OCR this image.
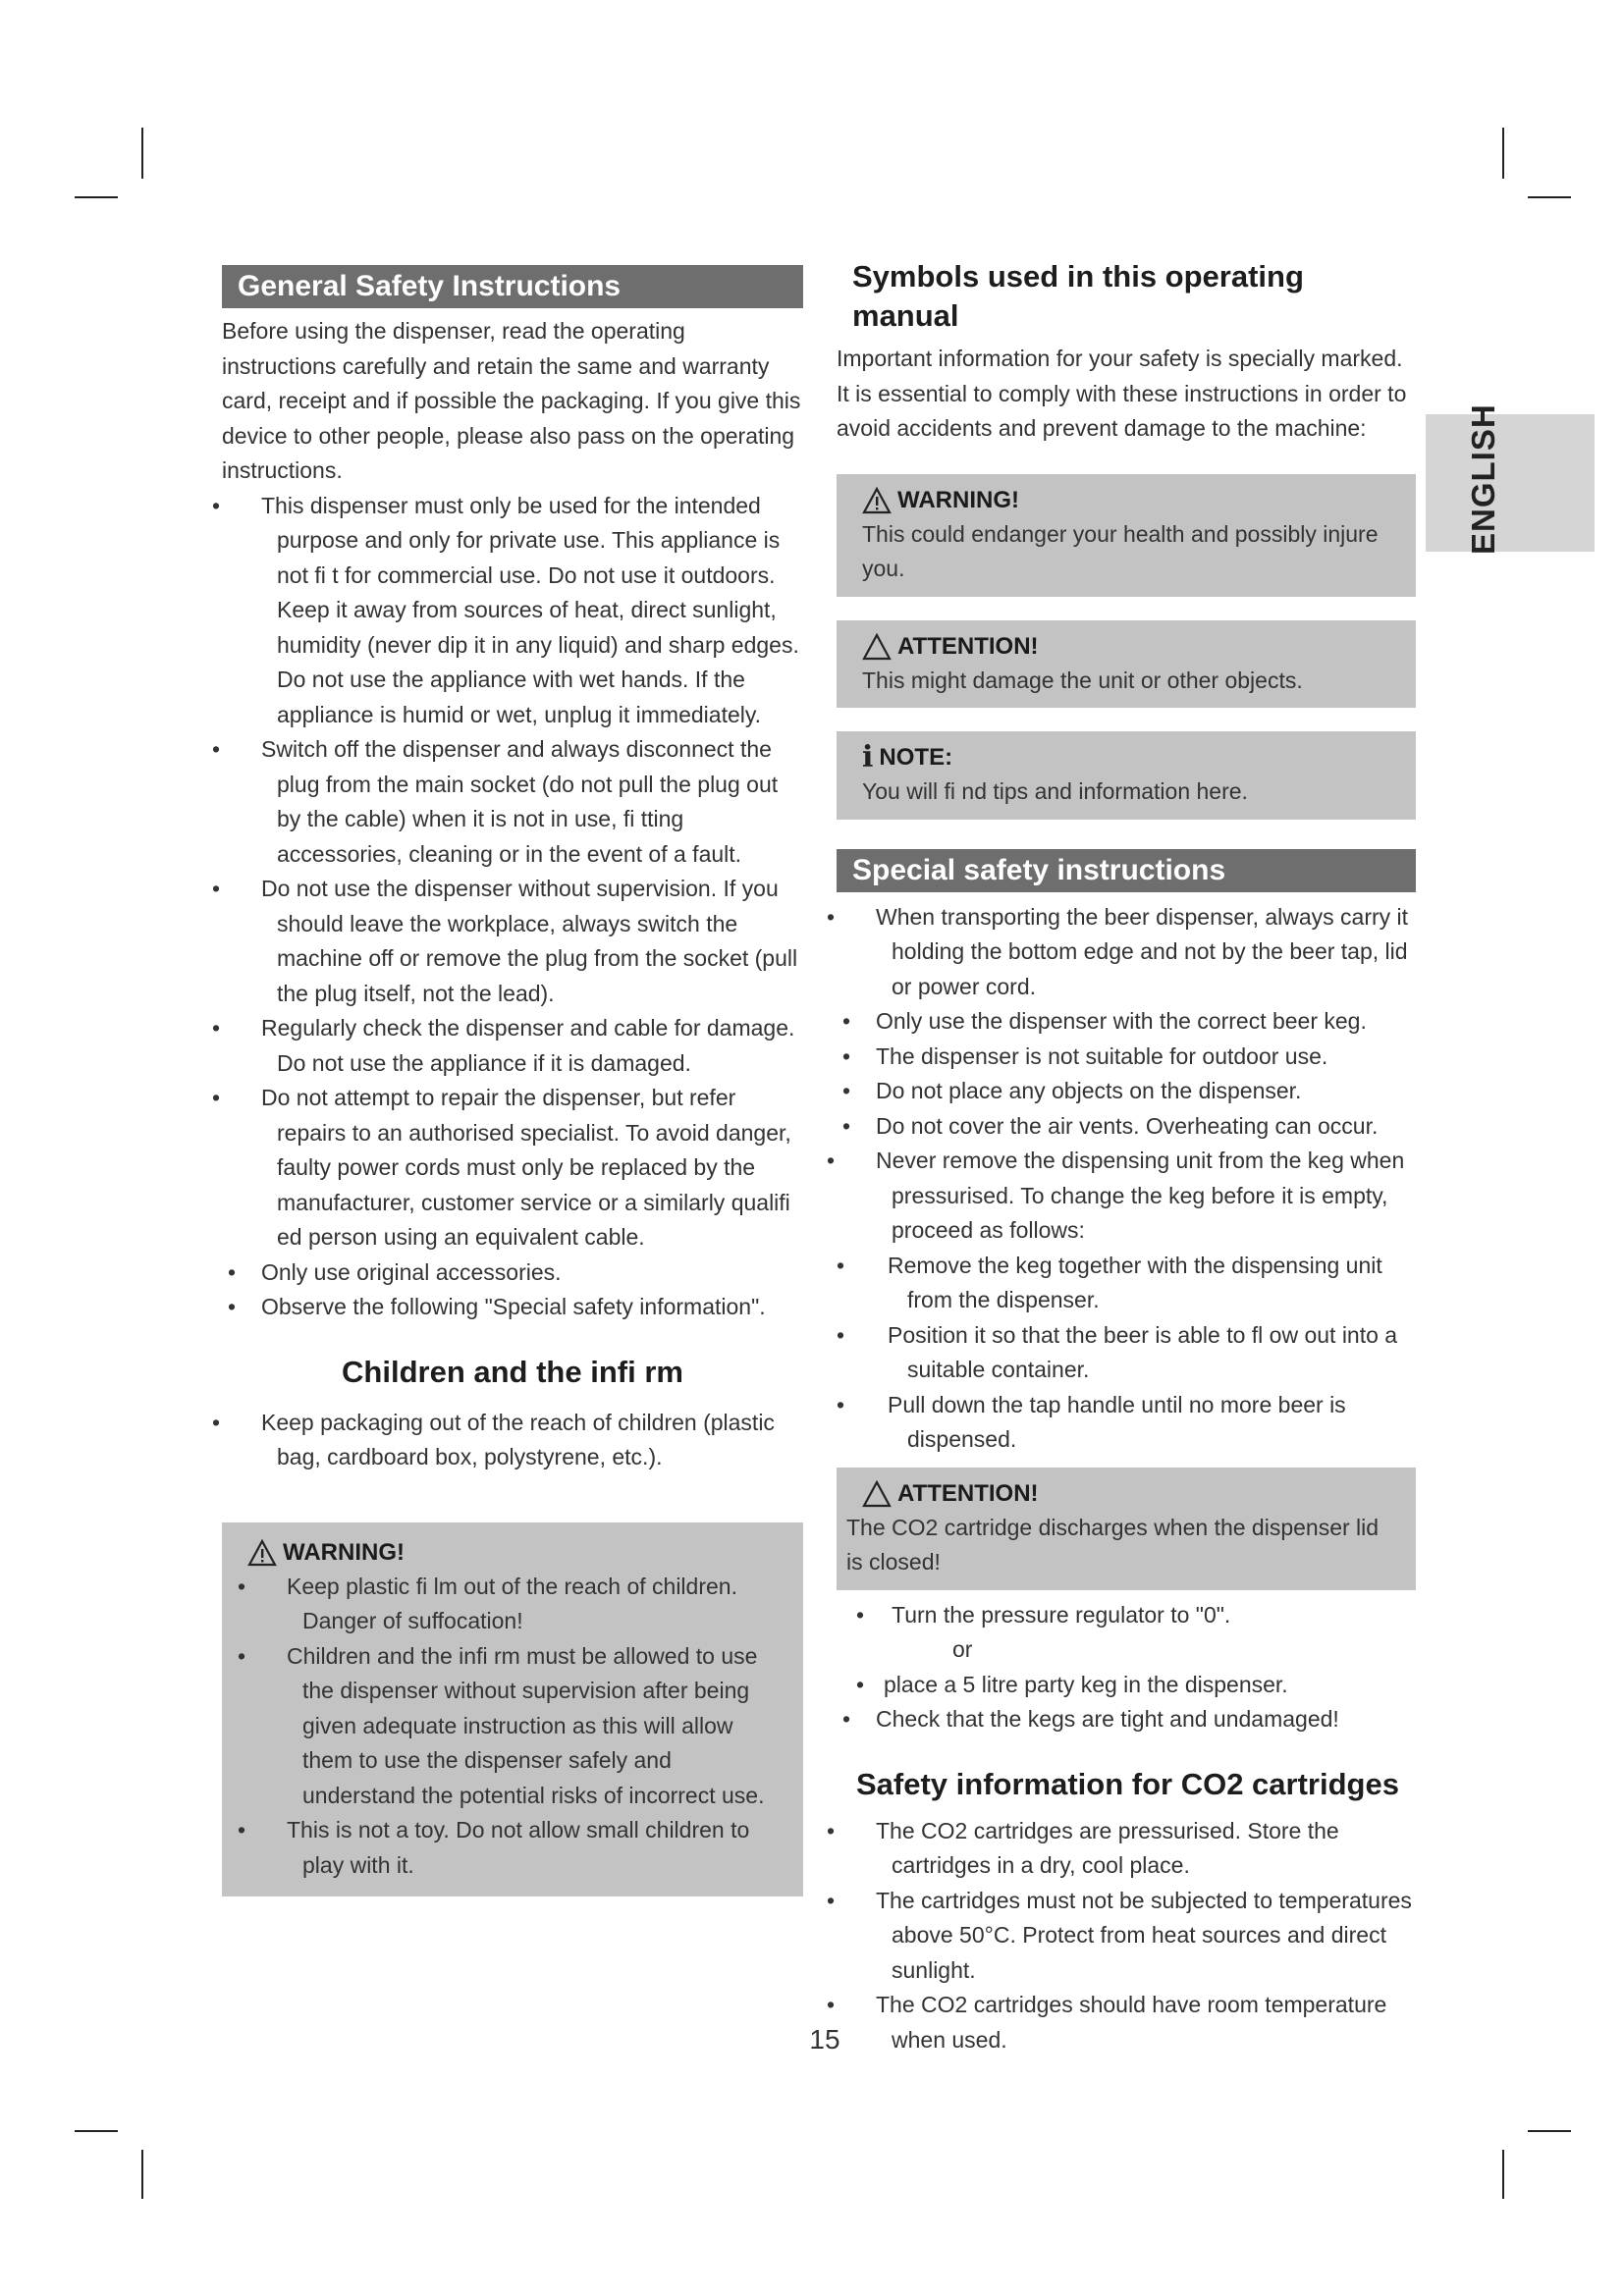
ENGLISH
General Safety Instructions

Before using the dispenser, read the operating instructions carefully and retain the same and warranty card, receipt and if possible the packaging. If you give this device to other people, please also pass on the operating instructions.

• This dispenser must only be used for the intended purpose and only for private use. This appliance is not fi t for commercial use. Do not use it outdoors. Keep it away from sources of heat, direct sunlight, humidity (never dip it in any liquid) and sharp edges. Do not use the appliance with wet hands. If the appliance is humid or wet, unplug it immediately.
• Switch off the dispenser and always disconnect the plug from the main socket (do not pull the plug out by the cable) when it is not in use, fi tting accessories, cleaning or in the event of a fault.
• Do not use the dispenser without supervision. If you should leave the workplace, always switch the machine off or remove the plug from the socket (pull the plug itself, not the lead).
• Regularly check the dispenser and cable for damage. Do not use the appliance if it is damaged.
• Do not attempt to repair the dispenser, but refer repairs to an authorised specialist. To avoid danger, faulty power cords must only be replaced by the manufacturer, customer service or a similarly qualifi ed person using an equivalent cable.
• Only use original accessories.
• Observe the following "Special safety information".
Children and the infi rm
• Keep packaging out of the reach of children (plastic bag, cardboard box, polystyrene, etc.).
WARNING!
• Keep plastic fi lm out of the reach of children. Danger of suffocation!
• Children and the infi rm must be allowed to use the dispenser without supervision after being given adequate instruction as this will allow them to use the dispenser safely and understand the potential risks of incorrect use.
• This is not a toy. Do not allow small children to play with it.
Symbols used in this operating manual

Important information for your safety is specially marked. It is essential to comply with these instructions in order to avoid accidents and prevent damage to the machine:

WARNING!

This could endanger your health and possibly injure you.

ATTENTION!

This might damage the unit or other objects.

i NOTE:

You will fi nd tips and information here.

Special safety instructions
• When transporting the beer dispenser, always carry it holding the bottom edge and not by the beer tap, lid or power cord.
• Only use the dispenser with the correct beer keg.
• The dispenser is not suitable for outdoor use.
• Do not place any objects on the dispenser.
• Do not cover the air vents. Overheating can occur.
• Never remove the dispensing unit from the keg when pressurised. To change the keg before it is empty, proceed as follows:
• Remove the keg together with the dispensing unit from the dispenser.
• Position it so that the beer is able to fl ow out into a suitable container.
• Pull down the tap handle until no more beer is dispensed.
ATTENTION!

The CO2 cartridge discharges when the dispenser lid is closed!

• Turn the pressure regulator to "0".

or

• place a 5 litre party keg in the dispenser.
• Check that the kegs are tight and undamaged!
Safety information for CO2 cartridges
• The CO2 cartridges are pressurised. Store the cartridges in a dry, cool place.
• The cartridges must not be subjected to temperatures above 50°C. Protect from heat sources and direct sunlight.
• The CO2 cartridges should have room temperature when used.
15
